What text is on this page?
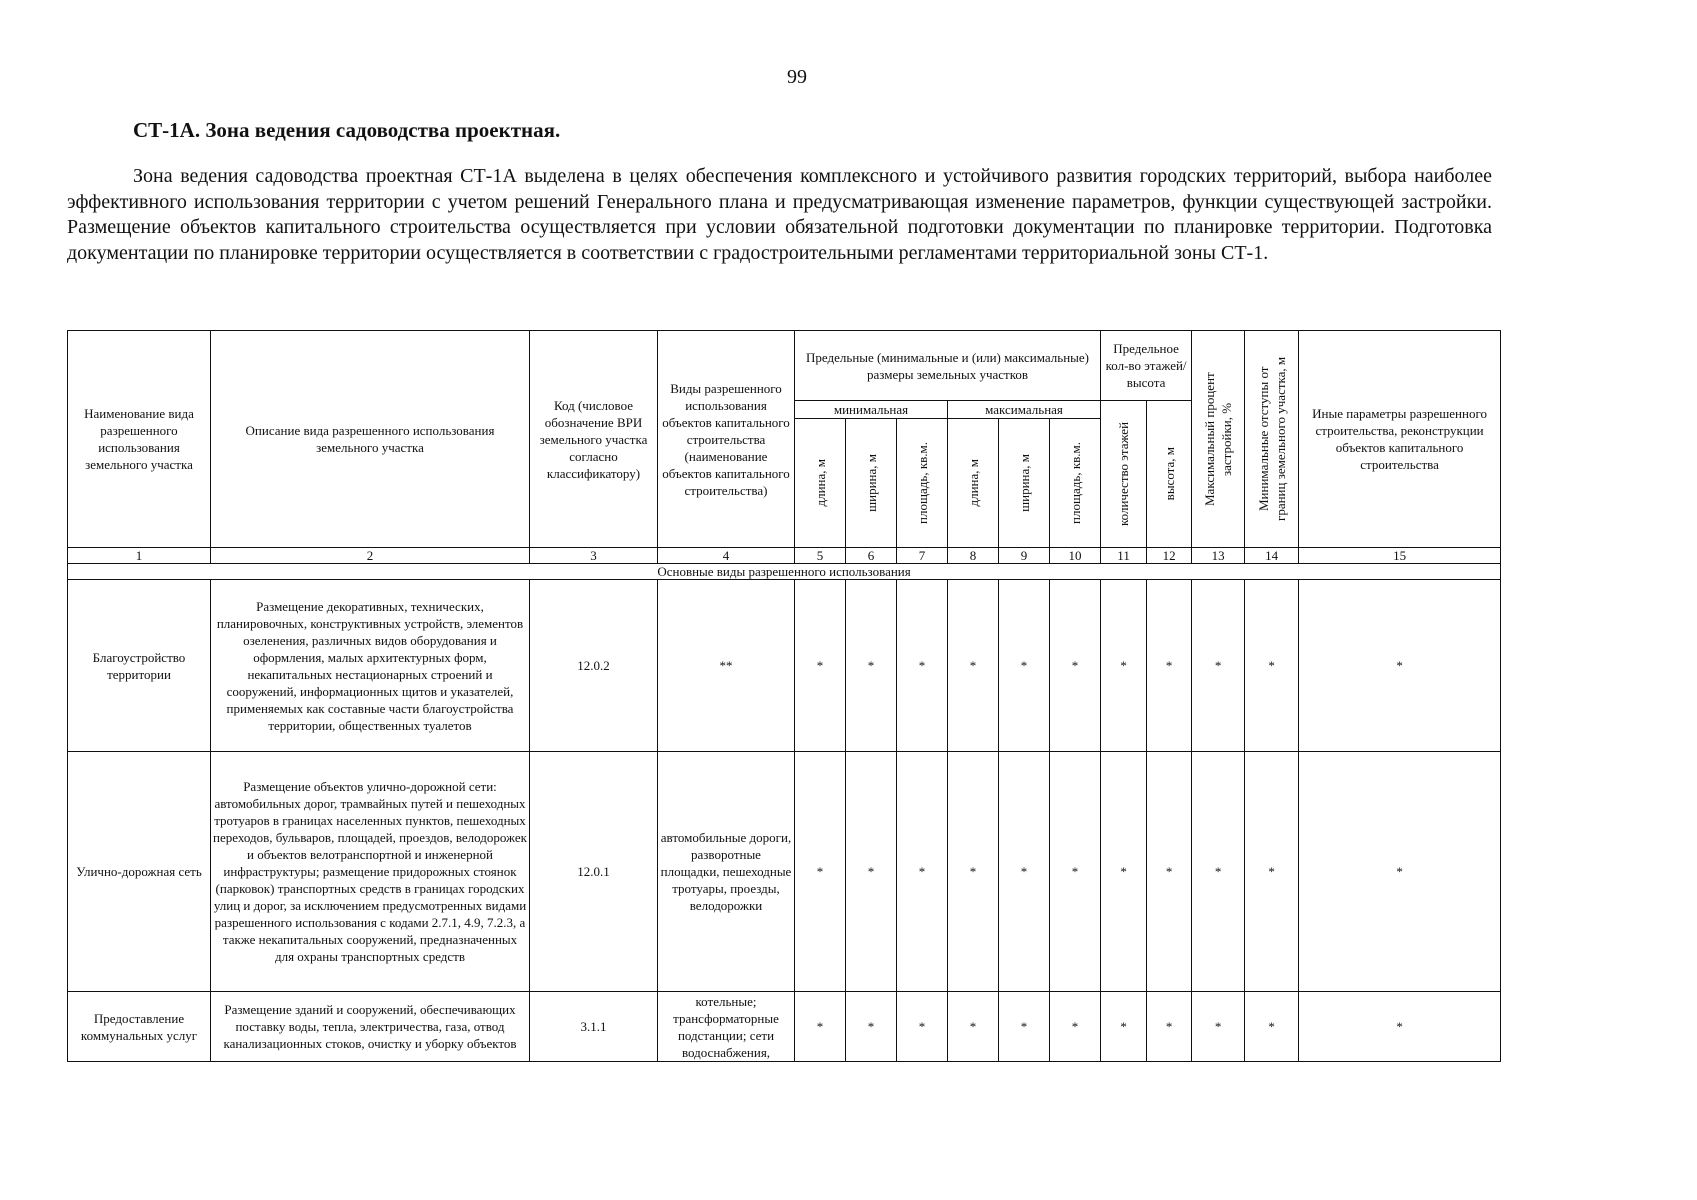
99
СТ-1А. Зона ведения садоводства проектная.

Зона ведения садоводства проектная СТ-1А выделена в целях обеспечения комплексного и устойчивого развития городских территорий, выбора наиболее эффективного использования территории с учетом решений Генерального плана и предусматривающая изменение параметров, функции существующей застройки. Размещение объектов капитального строительства осуществляется при условии обязательной подготовки документации по планировке территории. Подготовка документации по планировке территории осуществляется в соответствии с градостроительными регламентами территориальной зоны СТ-1.

Наименование вида разрешенного использования земельного участка	Описание вида разрешенного использования земельного участка	Код (числовое обозначение ВРИ земельного участка согласно классификатору)	Виды разрешенного использования объектов капитального строительства (наименование объектов капитального строительства)	Предельные (минимальные и (или) максимальные) размеры земельных участков						Предельное кол-во этажей/ высота		Максимальный процент застройки, %	Минимальные отступы от границ земельного участка, м	Иные параметры разрешенного строительства, реконструкции объектов капитального строительства
				минимальная			максимальная			количество этажей	высота, м			

				длина, м	ширина, м	площадь, кв.м.	длина, м	ширина, м	площадь, кв.м.					

1	2	3	4	5	6	7	8	9	10	11	12	13	14	15
Основные виды разрешенного использования														
Благоустройство территории	Размещение декоративных, технических, планировочных, конструктивных устройств, элементов озеленения, различных видов оборудования и оформления, малых архитектурных форм, некапитальных нестационарных строений и сооружений, информационных щитов и указателей, применяемых как составные части благоустройства территории, общественных туалетов	12.0.2	**	*	*	*	*	*	*	*	*	*	*	*
Улично-дорожная сеть	Размещение объектов улично-дорожной сети: автомобильных дорог, трамвайных путей и пешеходных тротуаров в границах населенных пунктов, пешеходных переходов, бульваров, площадей, проездов, велодорожек и объектов велотранспортной и инженерной инфраструктуры; размещение придорожных стоянок (парковок) транспортных средств в границах городских улиц и дорог, за исключением предусмотренных видами разрешенного использования с кодами 2.7.1, 4.9, 7.2.3, а также некапитальных сооружений, предназначенных для охраны транспортных средств	12.0.1	автомобильные дороги, разворотные площадки, пешеходные тротуары, проезды, велодорожки	*	*	*	*	*	*	*	*	*	*	*
Предоставление коммунальных услуг	Размещение зданий и сооружений, обеспечивающих поставку воды, тепла, электричества, газа, отвод канализационных стоков, очистку и уборку объектов	3.1.1	котельные; трансформаторные подстанции; сети водоснабжения,	*	*	*	*	*	*	*	*	*	*	*
